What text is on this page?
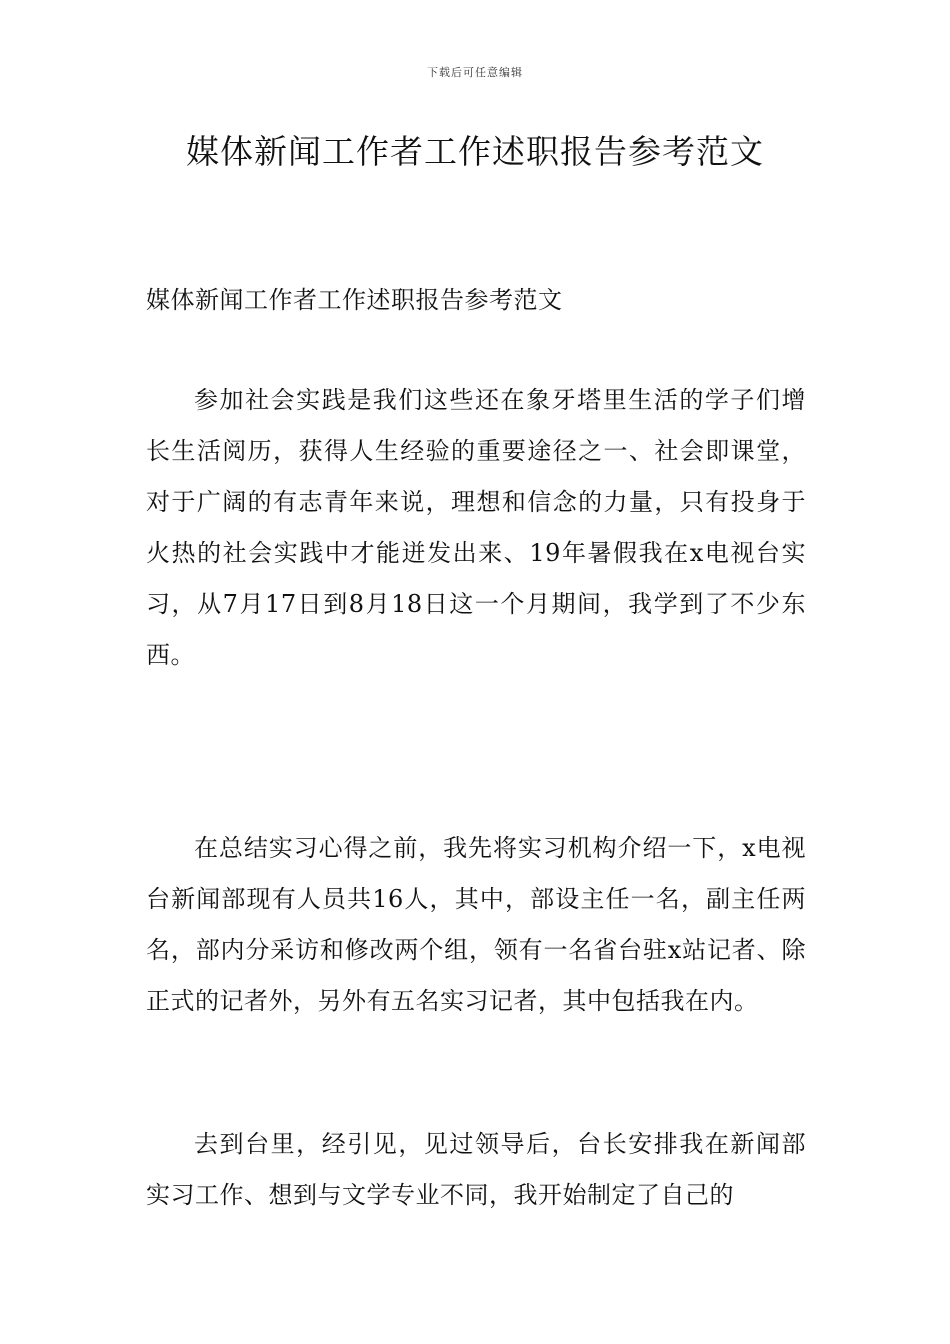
下载后可任意编辑
媒体新闻工作者工作述职报告参考范文
媒体新闻工作者工作述职报告参考范文

参加社会实践是我们这些还在象牙塔里生活的学子们增长生活阅历，获得人生经验的重要途径之一、社会即课堂，对于广阔的有志青年来说，理想和信念的力量，只有投身于火热的社会实践中才能迸发出来、19年暑假我在x电视台实习，从7月17日到8月18日这一个月期间，我学到了不少东西。

在总结实习心得之前，我先将实习机构介绍一下，x电视台新闻部现有人员共16人，其中，部设主任一名，副主任两名，部内分采访和修改两个组，领有一名省台驻x站记者、除正式的记者外，另外有五名实习记者，其中包括我在内。

去到台里，经引见，见过领导后，台长安排我在新闻部实习工作、想到与文学专业不同，我开始制定了自己的
